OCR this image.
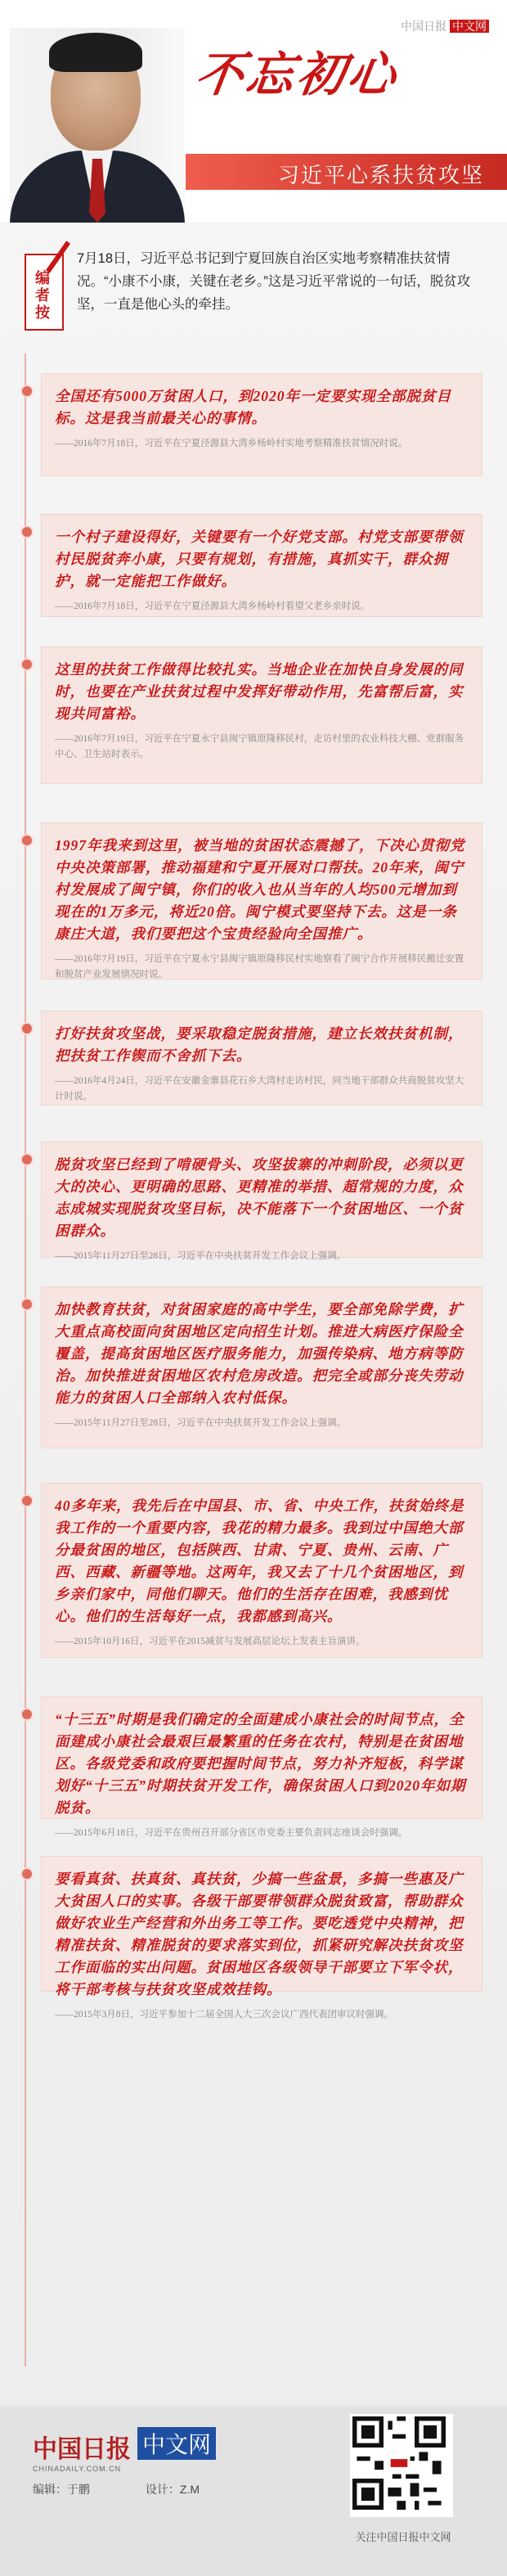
不忘初心
中国日报 中文网
习近平心系扶贫攻坚
编者按
7月18日，习近平总书记到宁夏回族自治区实地考察精准扶贫情况。“小康不小康，关键在老乡。”这是习近平常说的一句话，脱贫攻坚，一直是他心头的牵挂。
全国还有5000万贫困人口，到2020年一定要实现全部脱贫目标。这是我当前最关心的事情。
——2016年7月18日，习近平在宁夏泾源县大湾乡杨岭村实地考察精准扶贫情况时说。
一个村子建设得好，关键要有一个好党支部。村党支部要带领村民脱贫奔小康，只要有规划，有措施，真抓实干，群众拥护，就一定能把工作做好。
——2016年7月18日，习近平在宁夏泾源县大湾乡杨岭村看望父老乡亲时说。
这里的扶贫工作做得比较扎实。当地企业在加快自身发展的同时，也要在产业扶贫过程中发挥好带动作用，先富帮后富，实现共同富裕。
——2016年7月19日，习近平在宁夏永宁县闽宁镇原隆移民村，走访村里的农业科技大棚、党群服务中心、卫生站时表示。
1997年我来到这里，被当地的贫困状态震撼了，下决心贯彻党中央决策部署，推动福建和宁夏开展对口帮扶。20年来，闽宁村发展成了闽宁镇，你们的收入也从当年的人均500元增加到现在的1万多元，将近20倍。闽宁模式要坚持下去。这是一条康庄大道，我们要把这个宝贵经验向全国推广。
——2016年7月19日，习近平在宁夏永宁县闽宁镇原隆移民村实地察看了闽宁合作开展移民搬迁安置和脱贫产业发展情况时说。
打好扶贫攻坚战，要采取稳定脱贫措施，建立长效扶贫机制，把扶贫工作锲而不舍抓下去。
——2016年4月24日，习近平在安徽金寨县花石乡大湾村走访村民，同当地干部群众共商脱贫攻坚大计时说。
脱贫攻坚已经到了啃硬骨头、攻坚拔寨的冲刺阶段，必须以更大的决心、更明确的思路、更精准的举措、超常规的力度，众志成城实现脱贫攻坚目标，决不能落下一个贫困地区、一个贫困群众。
——2015年11月27日至28日，习近平在中央扶贫开发工作会议上强调。
加快教育扶贫，对贫困家庭的高中学生，要全部免除学费，扩大重点高校面向贫困地区定向招生计划。推进大病医疗保险全覆盖，提高贫困地区医疗服务能力，加强传染病、地方病等防治。加快推进贫困地区农村危房改造。把完全或部分丧失劳动能力的贫困人口全部纳入农村低保。
——2015年11月27日至28日，习近平在中央扶贫开发工作会议上强调。
40多年来，我先后在中国县、市、省、中央工作，扶贫始终是我工作的一个重要内容，我花的精力最多。我到过中国绝大部分最贫困的地区，包括陕西、甘肃、宁夏、贵州、云南、广西、西藏、新疆等地。这两年，我又去了十几个贫困地区，到乡亲们家中，同他们聊天。他们的生活存在困难，我感到忧心。他们的生活每好一点，我都感到高兴。
——2015年10月16日，习近平在2015减贫与发展高层论坛上发表主旨演讲。
“十三五”时期是我们确定的全面建成小康社会的时间节点，全面建成小康社会最艰巨最繁重的任务在农村，特别是在贫困地区。各级党委和政府要把握时间节点，努力补齐短板，科学谋划好“十三五”时期扶贫开发工作，确保贫困人口到2020年如期脱贫。
——2015年6月18日，习近平在贵州召开部分省区市党委主要负责同志座谈会时强调。
要看真贫、扶真贫、真扶贫，少搞一些盆景，多搞一些惠及广大贫困人口的实事。各级干部要带领群众脱贫致富，帮助群众做好农业生产经营和外出务工等工作。要吃透党中央精神，把精准扶贫、精准脱贫的要求落实到位，抓紧研究解决扶贫攻坚工作面临的实出问题。贫困地区各级领导干部要立下军令状，将干部考核与扶贫攻坚成效挂钩。
——2015年3月8日，习近平参加十二届全国人大三次会议广西代表团审议时强调。
中国日报
CHINADAILY.COM.CN
中文网
编辑：于鹏	设计：Z.M
关注中国日报中文网
